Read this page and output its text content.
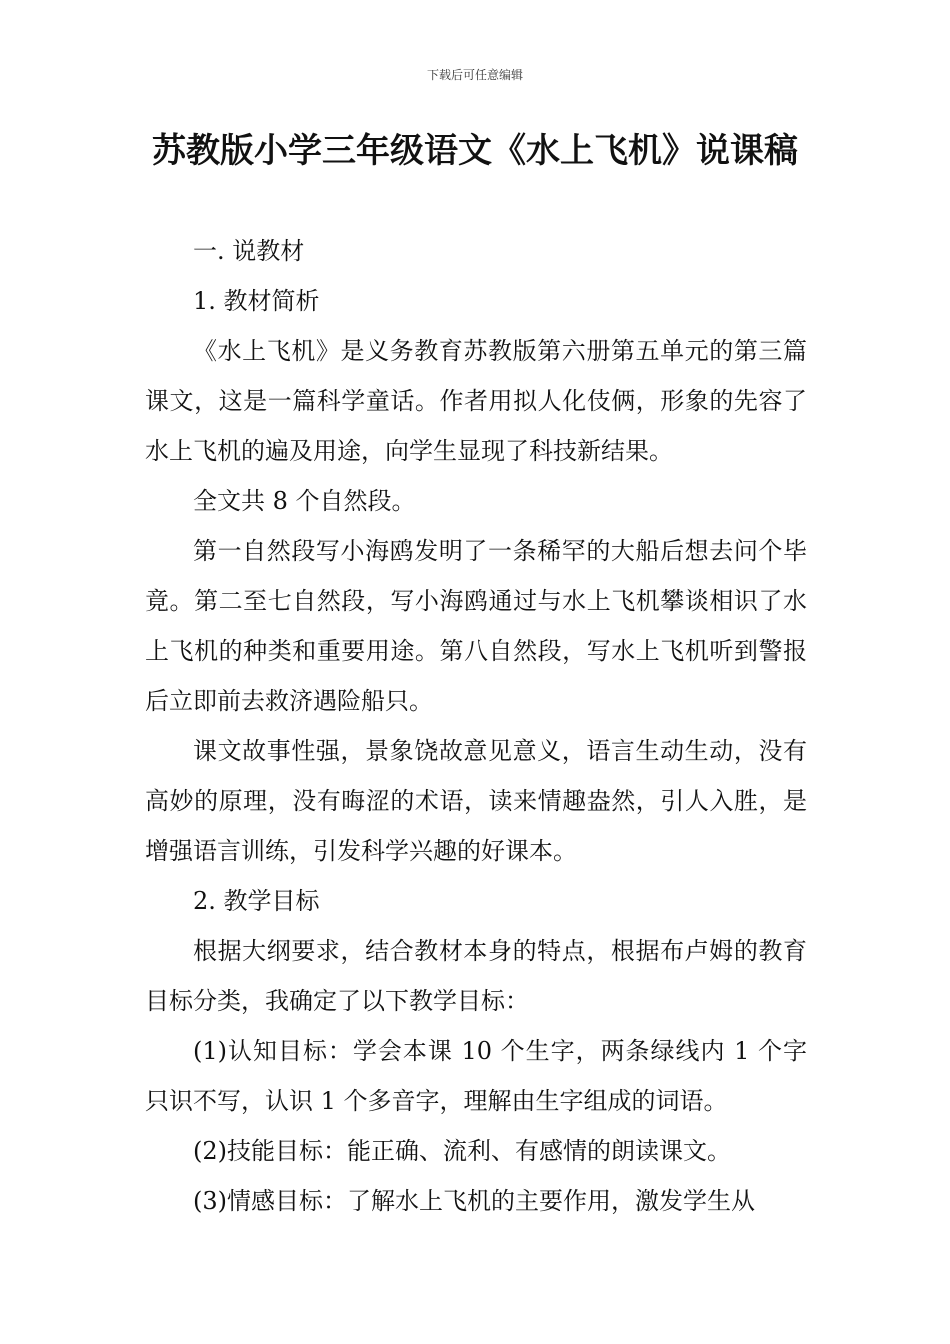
下载后可任意编辑
苏教版小学三年级语文《水上飞机》说课稿

一. 说教材

1. 教材简析

《水上飞机》是义务教育苏教版第六册第五单元的第三篇课文，这是一篇科学童话。作者用拟人化伎俩，形象的先容了水上飞机的遍及用途，向学生显现了科技新结果。

全文共 8 个自然段。

第一自然段写小海鸥发明了一条稀罕的大船后想去问个毕竟。第二至七自然段，写小海鸥通过与水上飞机攀谈相识了水上飞机的种类和重要用途。第八自然段，写水上飞机听到警报后立即前去救济遇险船只。

课文故事性强，景象饶故意见意义，语言生动生动，没有高妙的原理，没有晦涩的术语，读来情趣盎然，引人入胜，是增强语言训练，引发科学兴趣的好课本。

2. 教学目标

根据大纲要求，结合教材本身的特点，根据布卢姆的教育目标分类，我确定了以下教学目标：

(1)认知目标：学会本课 10 个生字，两条绿线内 1 个字只识不写，认识 1 个多音字，理解由生字组成的词语。

(2)技能目标：能正确、流利、有感情的朗读课文。

(3)情感目标：了解水上飞机的主要作用，激发学生从
